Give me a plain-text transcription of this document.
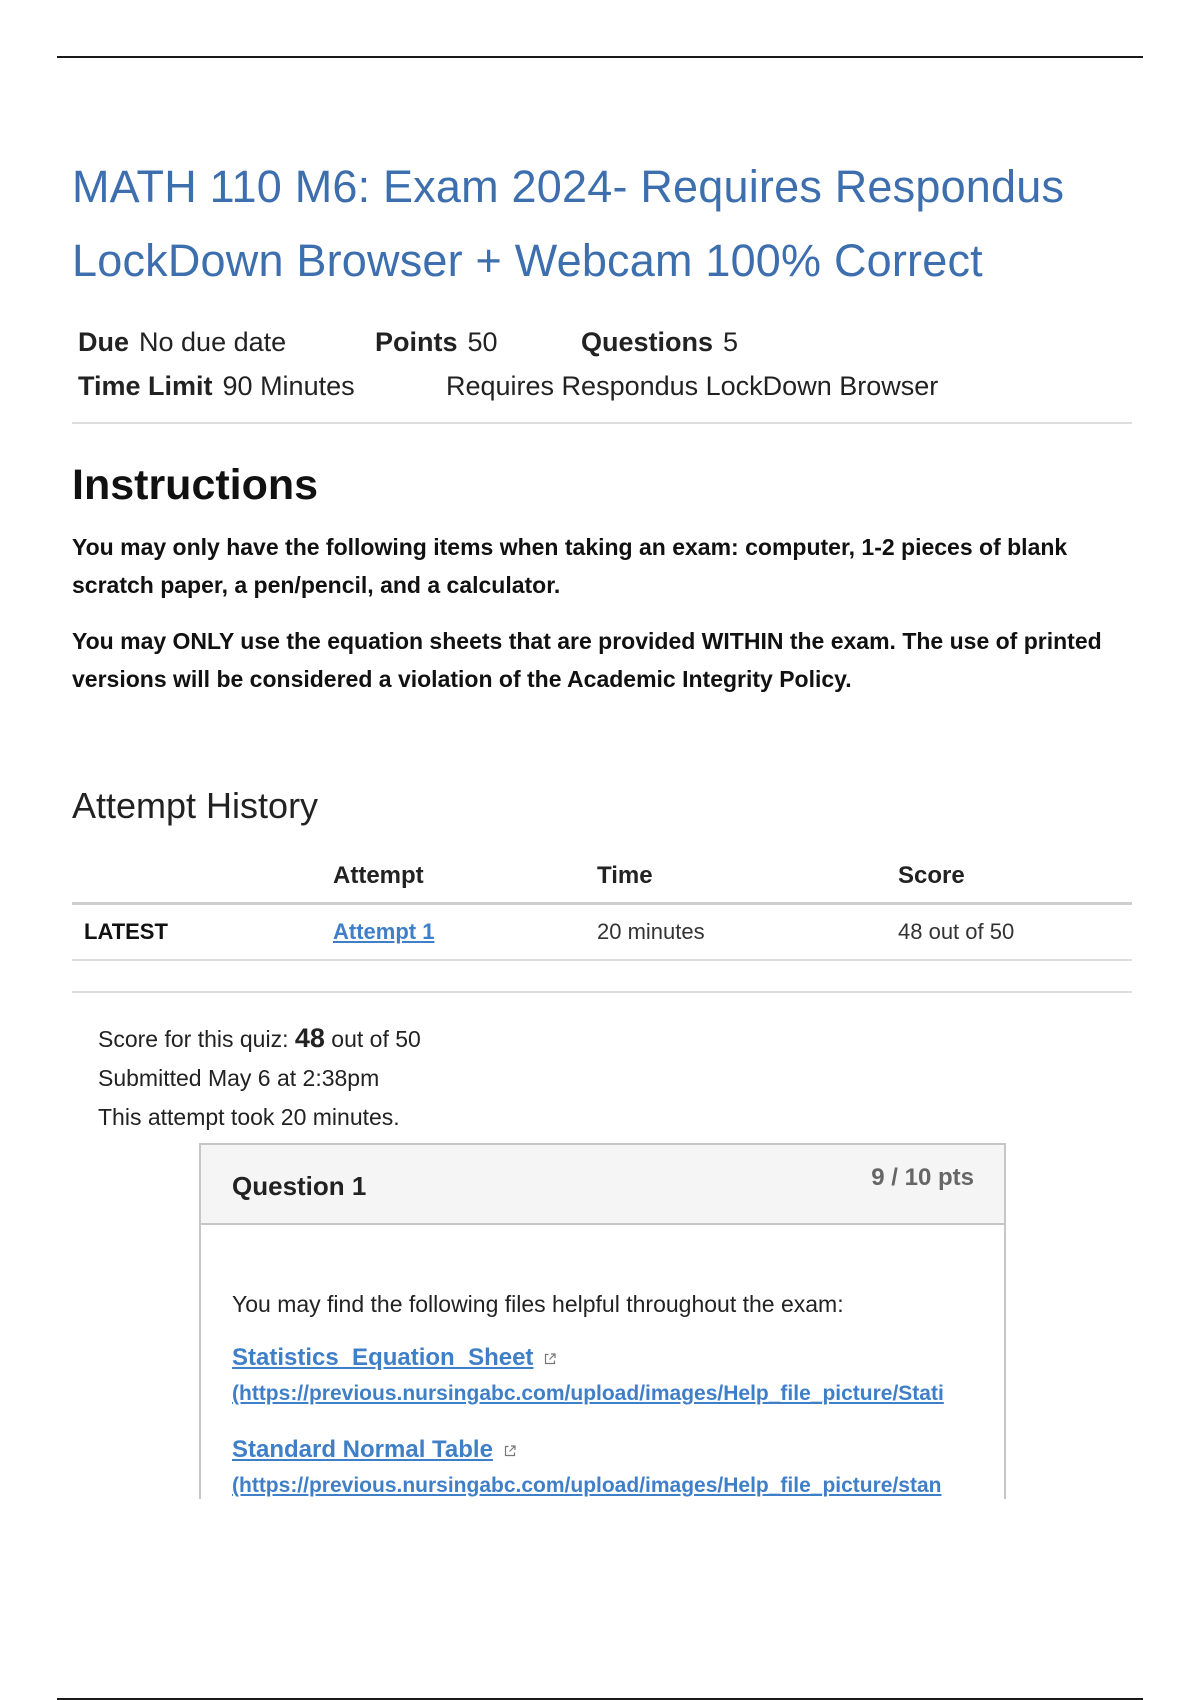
MATH 110 M6: Exam 2024- Requires Respondus
LockDown Browser + Webcam 100% Correct
Due No due date	Points 50	Questions 5
Time Limit 90 Minutes	Requires Respondus LockDown Browser
Instructions

You may only have the following items when taking an exam: computer, 1-2 pieces of blank scratch paper, a pen/pencil, and a calculator.

You may ONLY use the equation sheets that are provided WITHIN the exam. The use of printed versions will be considered a violation of the Academic Integrity Policy.

Attempt History
	Attempt	Time	Score
LATEST	Attempt 1	20 minutes	48 out of 50
Score for this quiz: 48 out of 50
Submitted May 6 at 2:38pm
This attempt took 20 minutes.
Question 1	9 / 10 pts

You may find the following files helpful throughout the exam:

Statistics_Equation_Sheet
(https://previous.nursingabc.com/upload/images/Help_file_picture/Stati
Standard Normal Table
(https://previous.nursingabc.com/upload/images/Help_file_picture/stan
